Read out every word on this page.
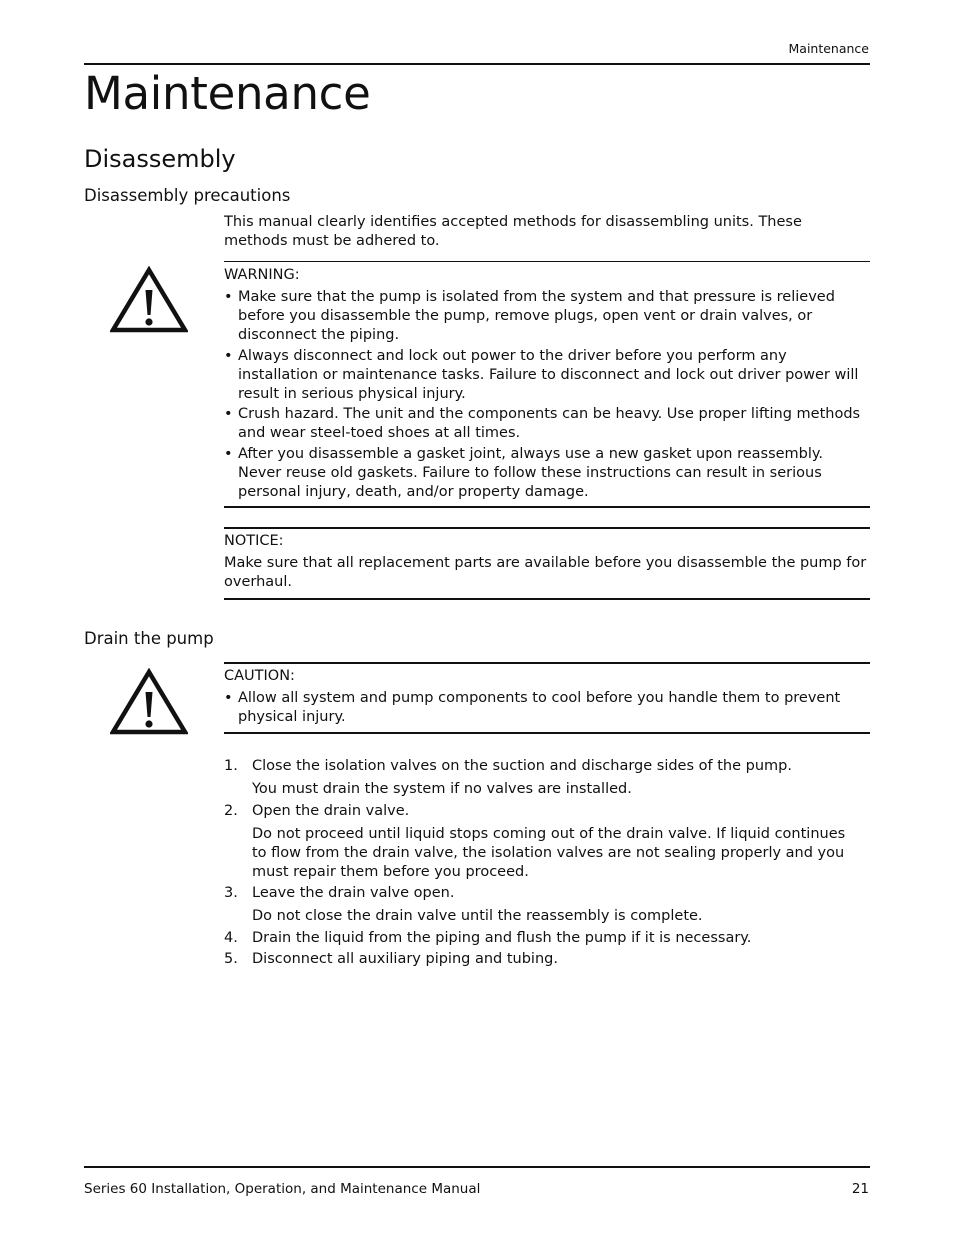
Maintenance
Maintenance
Disassembly
Disassembly precautions
This manual clearly identifies accepted methods for disassembling units. These methods must be adhered to.
WARNING:
• Make sure that the pump is isolated from the system and that pressure is relieved before you disassemble the pump, remove plugs, open vent or drain valves, or disconnect the piping.
• Always disconnect and lock out power to the driver before you perform any installation or maintenance tasks. Failure to disconnect and lock out driver power will result in serious physical injury.
• Crush hazard. The unit and the components can be heavy. Use proper lifting methods and wear steel-toed shoes at all times.
• After you disassemble a gasket joint, always use a new gasket upon reassembly. Never reuse old gaskets. Failure to follow these instructions can result in serious personal injury, death, and/or property damage.
NOTICE:
Make sure that all replacement parts are available before you disassemble the pump for overhaul.
Drain the pump
CAUTION:
• Allow all system and pump components to cool before you handle them to prevent physical injury.
1. Close the isolation valves on the suction and discharge sides of the pump.
You must drain the system if no valves are installed.
2. Open the drain valve.
Do not proceed until liquid stops coming out of the drain valve. If liquid continues to flow from the drain valve, the isolation valves are not sealing properly and you must repair them before you proceed.
3. Leave the drain valve open.
Do not close the drain valve until the reassembly is complete.
4. Drain the liquid from the piping and flush the pump if it is necessary.
5. Disconnect all auxiliary piping and tubing.
Series 60 Installation, Operation, and Maintenance Manual	21
